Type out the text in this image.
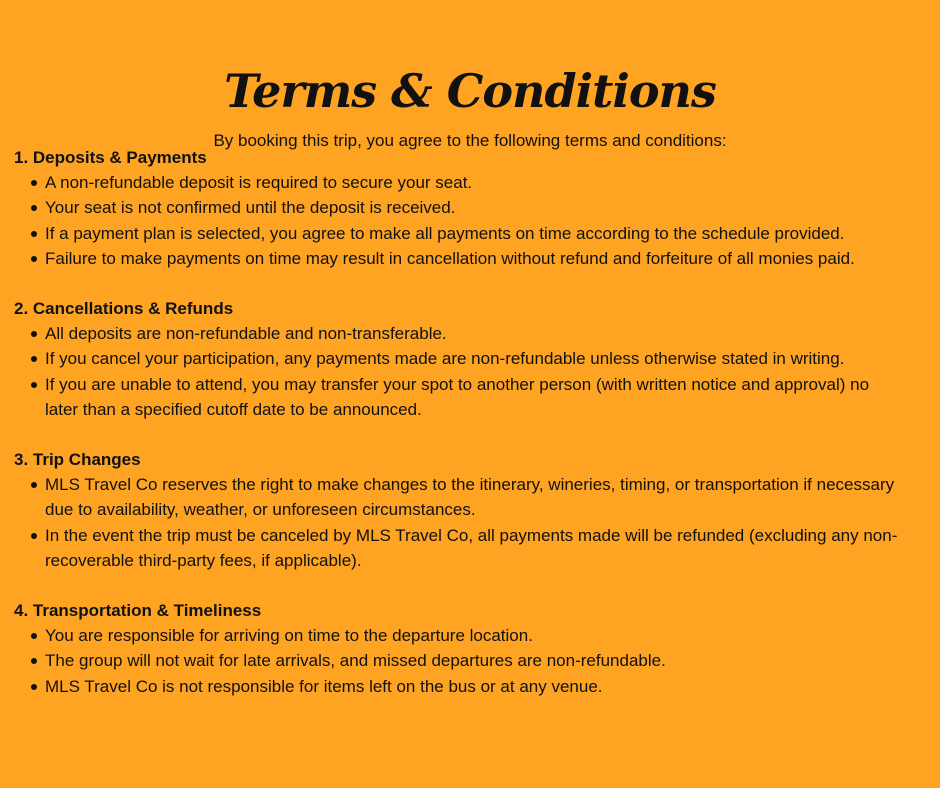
Terms & Conditions

By booking this trip, you agree to the following terms and conditions:

1. Deposits & Payments
A non-refundable deposit is required to secure your seat.
Your seat is not confirmed until the deposit is received.
If a payment plan is selected, you agree to make all payments on time according to the schedule provided.
Failure to make payments on time may result in cancellation without refund and forfeiture of all monies paid.
2. Cancellations & Refunds
All deposits are non-refundable and non-transferable.
If you cancel your participation, any payments made are non-refundable unless otherwise stated in writing.
If you are unable to attend, you may transfer your spot to another person (with written notice and approval) no later than a specified cutoff date to be announced.
3. Trip Changes
MLS Travel Co reserves the right to make changes to the itinerary, wineries, timing, or transportation if necessary due to availability, weather, or unforeseen circumstances.
In the event the trip must be canceled by MLS Travel Co, all payments made will be refunded (excluding any non-recoverable third-party fees, if applicable).
4. Transportation & Timeliness
You are responsible for arriving on time to the departure location.
The group will not wait for late arrivals, and missed departures are non-refundable.
MLS Travel Co is not responsible for items left on the bus or at any venue.
